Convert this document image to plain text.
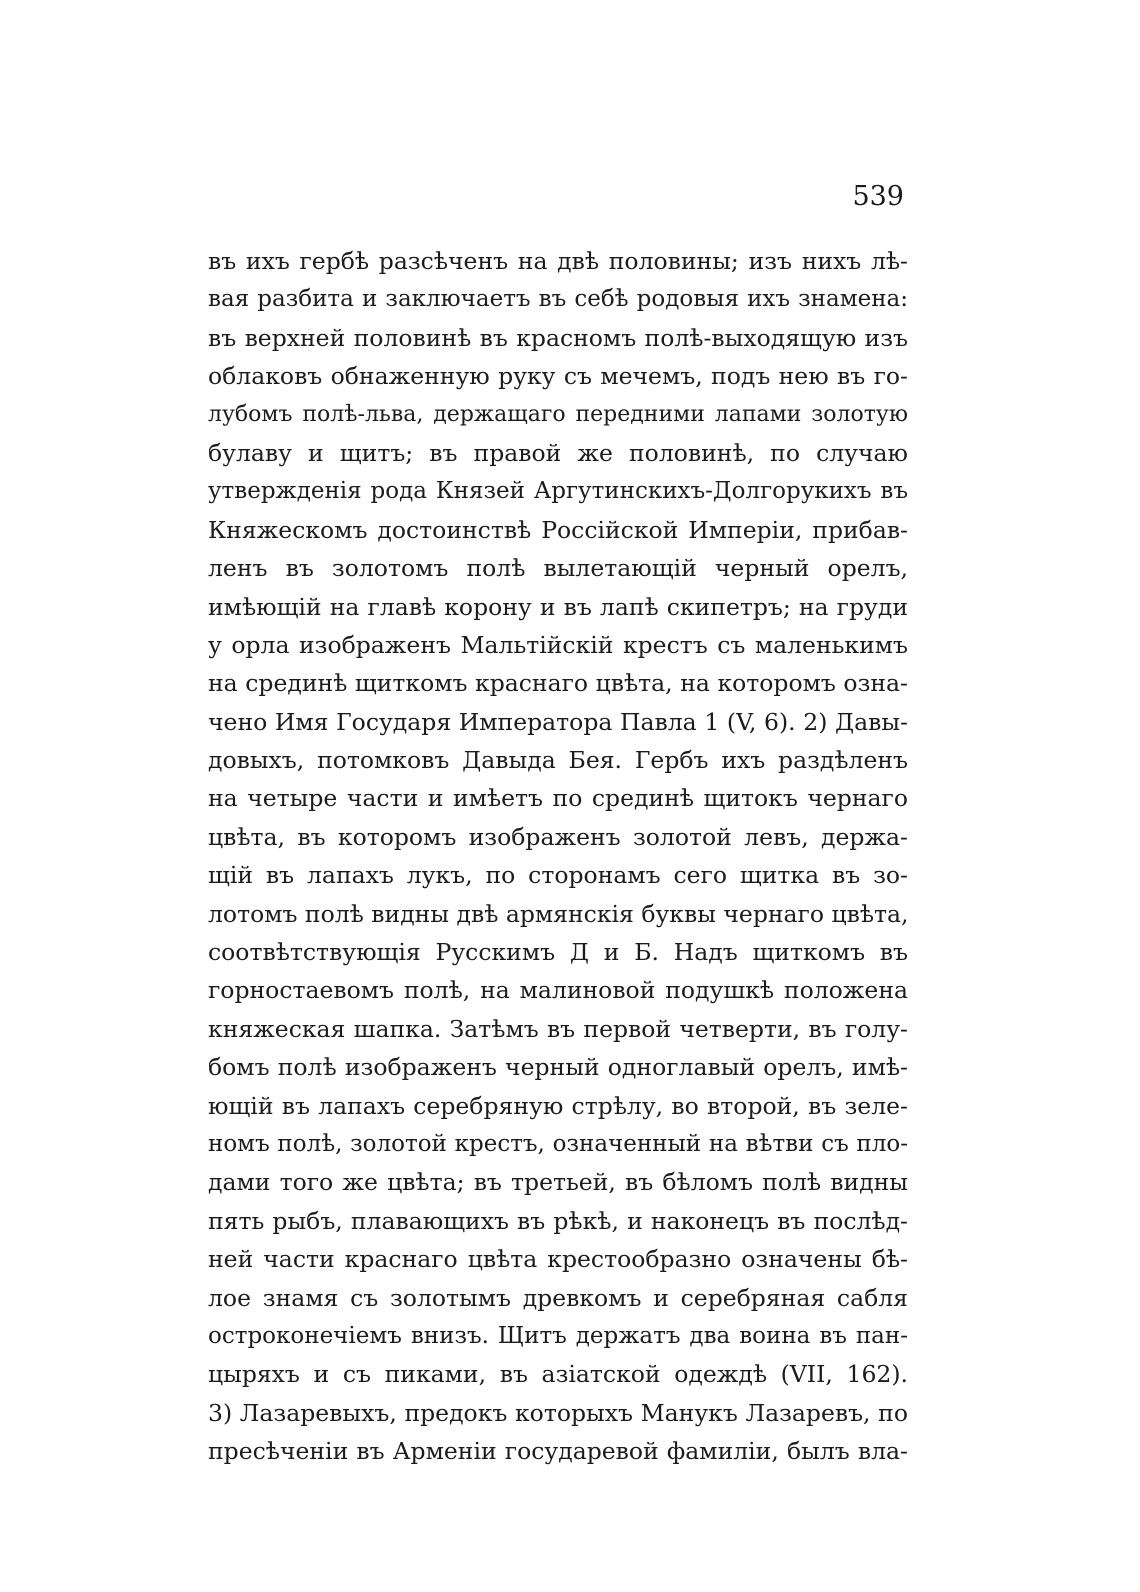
539
въ ихъ гербѣ разсѣченъ на двѣ половины; изъ нихъ лѣ-
вая разбита и заключаетъ въ себѣ родовыя ихъ знамена:
въ верхней половинѣ въ красномъ полѣ-выходящую изъ
облаковъ обнаженную руку съ мечемъ, подъ нею въ го-
лубомъ полѣ-льва, держащаго передними лапами золотую
булаву и щитъ; въ правой же половинѣ, по случаю
утвержденія рода Князей Аргутинскихъ-Долгорукихъ въ
Княжескомъ достоинствѣ Россійской Имперіи, прибав-
ленъ въ золотомъ полѣ вылетающій черный орелъ,
имѣющій на главѣ корону и въ лапѣ скипетръ; на груди
у орла изображенъ Мальтійскій крестъ съ маленькимъ
на срединѣ щиткомъ краснаго цвѣта, на которомъ озна-
чено Имя Государя Императора Павла 1 (V, 6). 2) Давы-
довыхъ, потомковъ Давыда Бея. Гербъ ихъ раздѣленъ
на четыре части и имѣетъ по срединѣ щитокъ чернаго
цвѣта, въ которомъ изображенъ золотой левъ, держа-
щій въ лапахъ лукъ, по сторонамъ сего щитка въ зо-
лотомъ полѣ видны двѣ армянскія буквы чернаго цвѣта,
соотвѣтствующія Русскимъ Д и Б. Надъ щиткомъ въ
горностаевомъ полѣ, на малиновой подушкѣ положена
княжеская шапка. Затѣмъ въ первой четверти, въ голу-
бомъ полѣ изображенъ черный одноглавый орелъ, имѣ-
ющій въ лапахъ серебряную стрѣлу, во второй, въ зеле-
номъ полѣ, золотой крестъ, означенный на вѣтви съ пло-
дами того же цвѣта; въ третьей, въ бѣломъ полѣ видны
пять рыбъ, плавающихъ въ рѣкѣ, и наконецъ въ послѣд-
ней части краснаго цвѣта крестообразно означены бѣ-
лое знамя съ золотымъ древкомъ и серебряная сабля
остроконечіемъ внизъ. Щитъ держатъ два воина въ пан-
цыряхъ и съ пиками, въ азіатской одеждѣ (VII, 162).
3) Лазаревыхъ, предокъ которыхъ Манукъ Лазаревъ, по
пресѣченіи въ Арменіи государевой фамиліи, былъ вла-
